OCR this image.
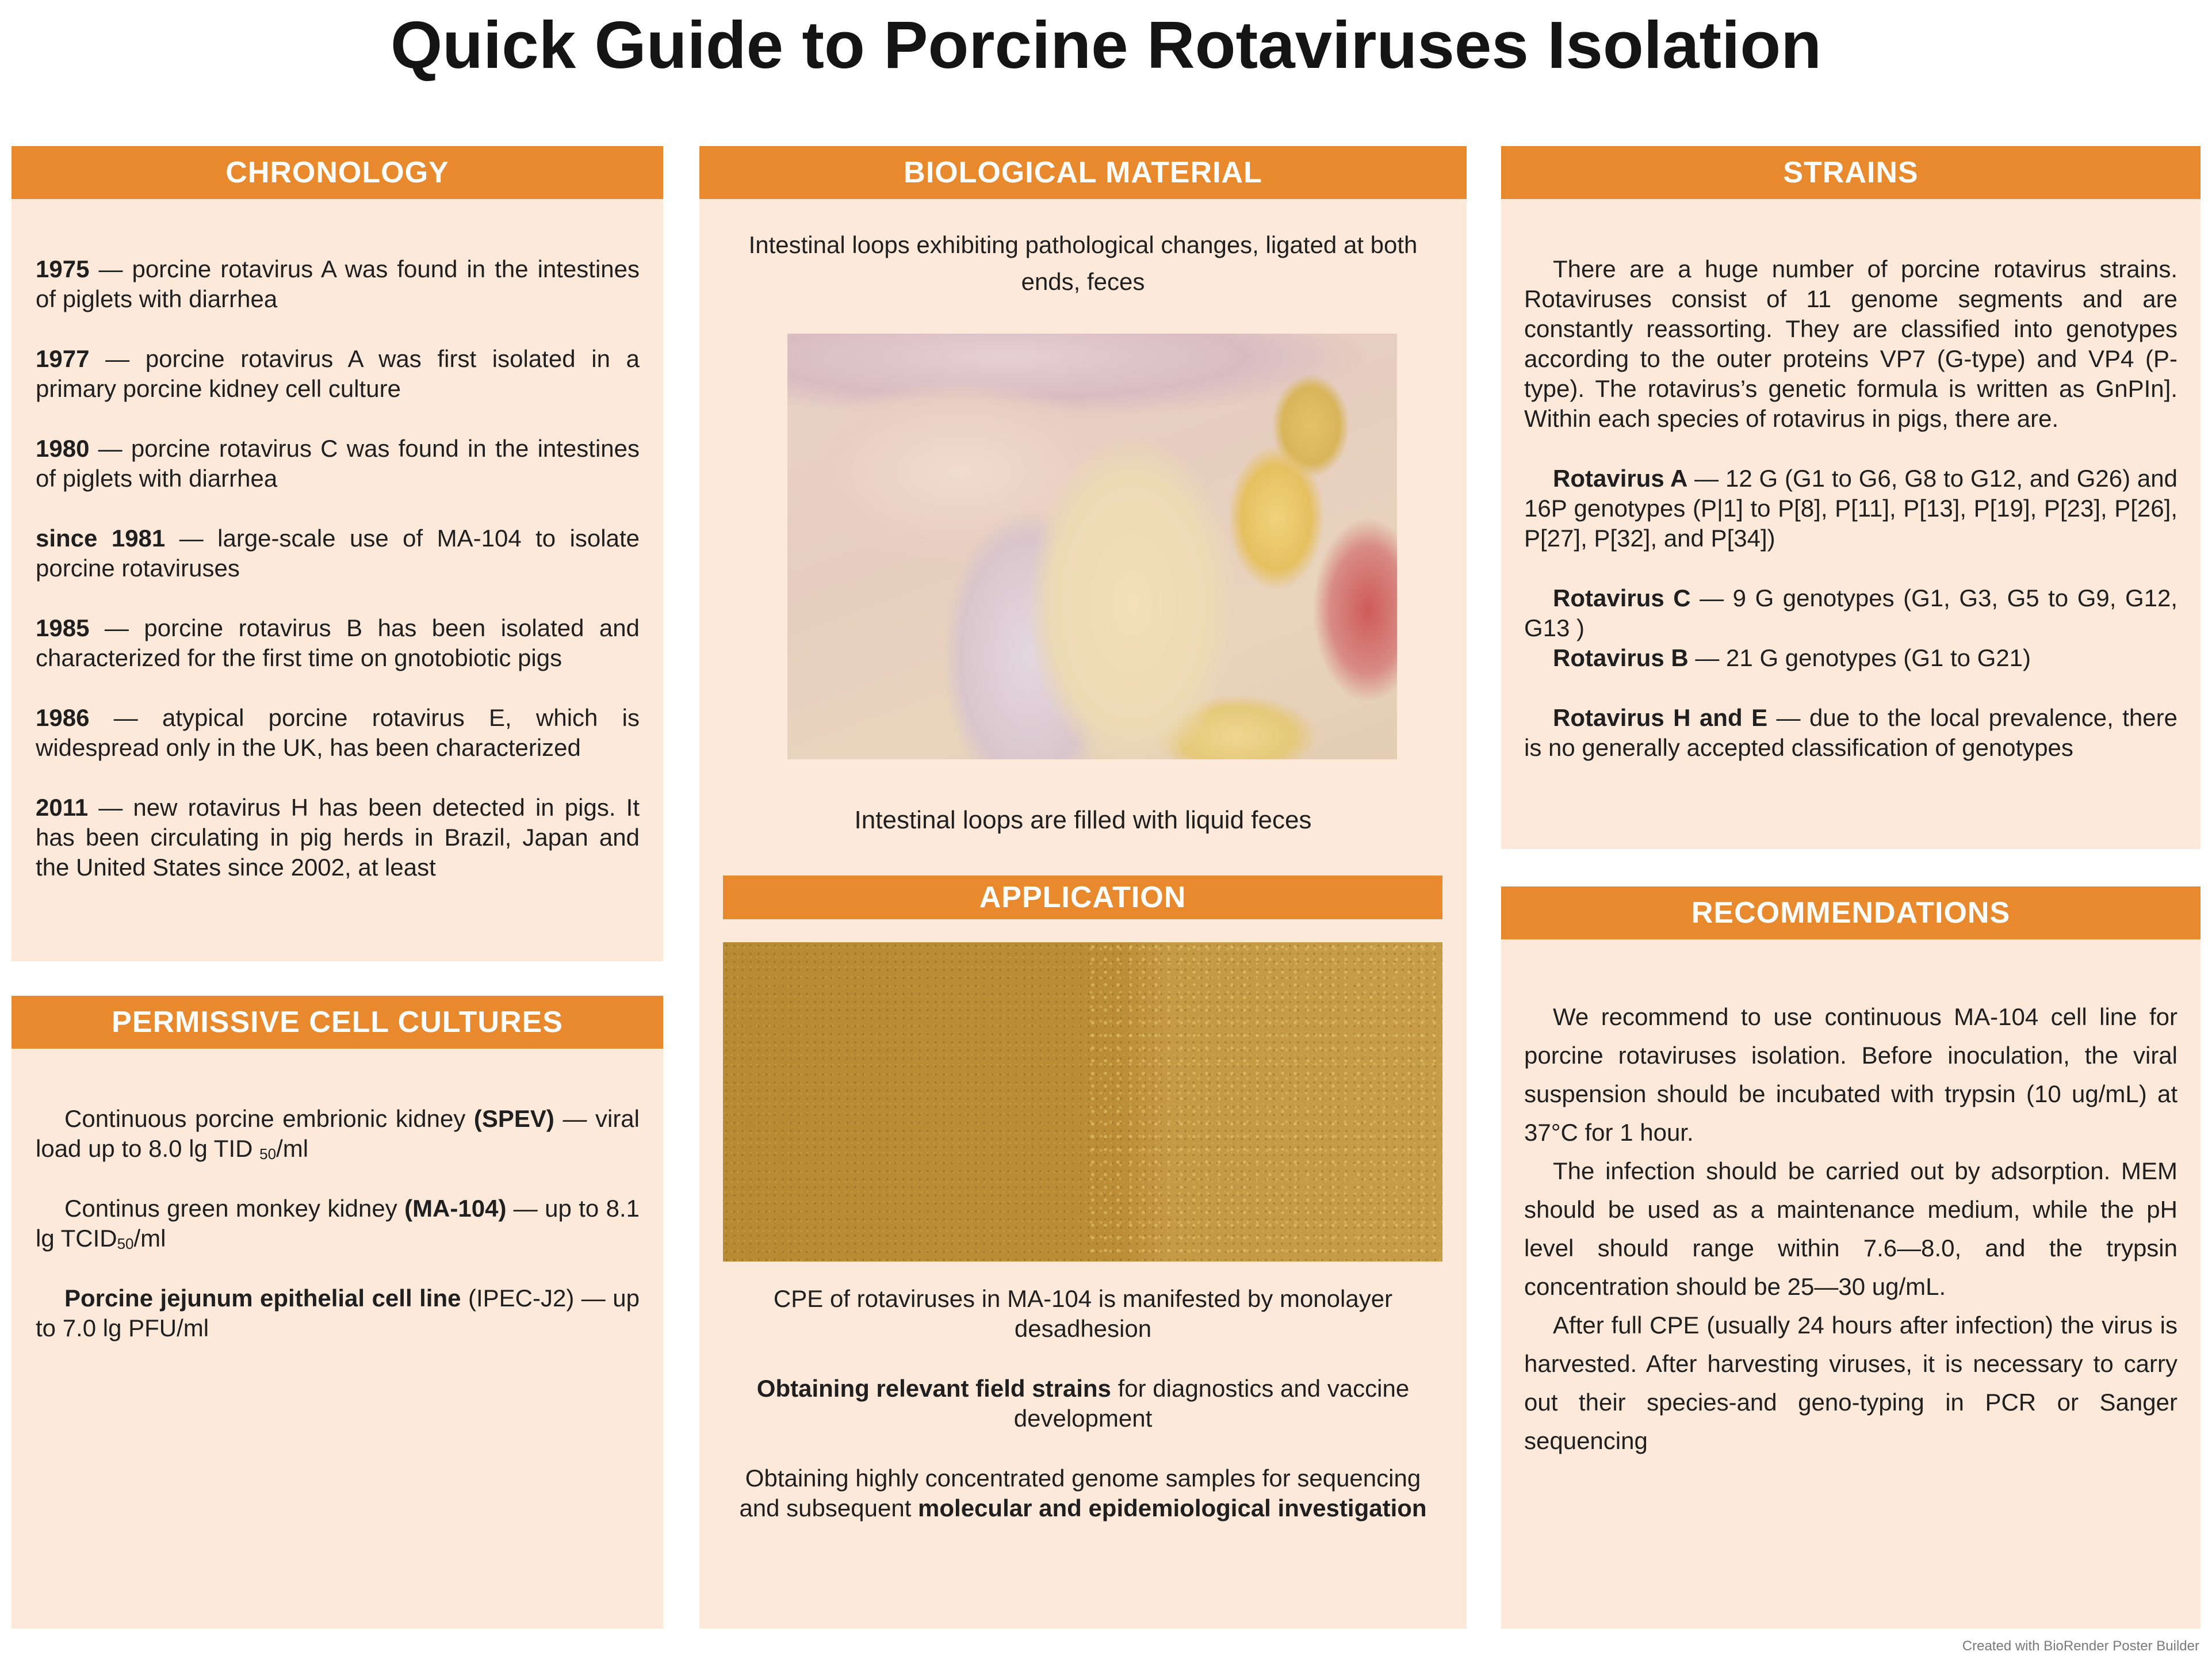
Quick Guide to Porcine Rotaviruses Isolation
CHRONOLOGY

1975 — porcine rotavirus A was found in the intestines of piglets with diarrhea

1977 — porcine rotavirus A was first isolated in a primary porcine kidney cell culture

1980 — porcine rotavirus C was found in the intestines of piglets with diarrhea

since 1981 — large-scale use of MA-104 to isolate porcine rotaviruses

1985 — porcine rotavirus B has been isolated and characterized for the first time on gnotobiotic pigs

1986 — atypical porcine rotavirus E, which is widespread only in the UK, has been characterized

2011 — new rotavirus H has been detected in pigs. It has been circulating in pig herds in Brazil, Japan and the United States since 2002, at least

PERMISSIVE CELL CULTURES

Continuous porcine embrionic kidney (SPEV) — viral load up to 8.0 lg TID $_{50}$/ml

Continus green monkey kidney (MA-104) — up to 8.1 $\lg TCID_{50}/ml$

Porcine jejunum epithelial cell line (IPEC-J2) — up to 7.0 lg PFU/ml

BIOLOGICAL MATERIAL
Intestinal loops exhibiting pathological changes, ligated at both ends, feces
Intestinal loops are filled with liquid feces
APPLICATION

CPE of rotaviruses in MA-104 is manifested by monolayer desadhesion

Obtaining relevant field strains for diagnostics and vaccine development

Obtaining highly concentrated genome samples for sequencing and subsequent molecular and epidemiological investigation

STRAINS

There are a huge number of porcine rotavirus strains. Rotaviruses consist of 11 genome segments and are constantly reassorting. They are classified into genotypes according to the outer proteins VP7 (G-type) and VP4 (P-type). The rotavirus’s genetic formula is written as GnPIn]. Within each species of rotavirus in pigs, there are.

Rotavirus A — 12 G (G1 to G6, G8 to G12, and G26) and 16P genotypes (P|1] to P[8], P[11], P[13], P[19], P[23], P[26], P[27], P[32], and P[34])

Rotavirus C — 9 G genotypes (G1, G3, G5 to G9, G12, G13 )

Rotavirus B — 21 G genotypes (G1 to G21)

Rotavirus H and E — due to the local prevalence, there is no generally accepted classification of genotypes

RECOMMENDATIONS

We recommend to use continuous MA-104 cell line for porcine rotaviruses isolation. Before inoculation, the viral suspension should be incubated with trypsin (10 ug/mL) at 37°C for 1 hour.

The infection should be carried out by adsorption. MEM should be used as a maintenance medium, while the pH level should range within 7.6—8.0, and the trypsin concentration should be 25—30 ug/mL.

After full CPE (usually 24 hours after infection) the virus is harvested. After harvesting viruses, it is necessary to carry out their species-and geno-typing in PCR or Sanger sequencing

Created with BioRender Poster Builder
